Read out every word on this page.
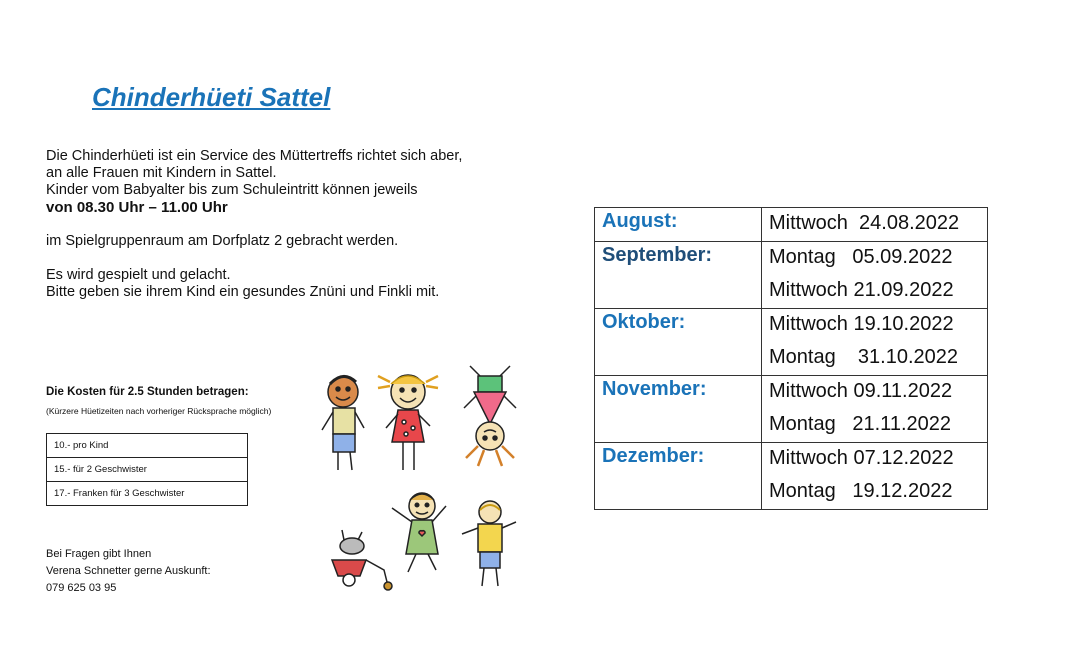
Chinderhüeti Sattel

Die Chinderhüeti ist ein Service des Müttertreffs richtet sich aber,

an alle Frauen mit Kindern in Sattel.

Kinder vom Babyalter bis zum Schuleintritt können jeweils

von 08.30 Uhr – 11.00 Uhr

im Spielgruppenraum am Dorfplatz 2 gebracht werden.

Es wird gespielt und gelacht.

Bitte geben sie ihrem Kind ein gesundes Znüni und Finkli mit.

Die Kosten für 2.5 Stunden betragen:
(Kürzere Hüetizeiten nach vorheriger Rücksprache möglich)
10.- pro Kind
15.- für 2 Geschwister
17.- Franken für 3 Geschwister

Bei Fragen gibt Ihnen

Verena Schnetter gerne Auskunft:

079 625 03 95

August:	Mittwoch  24.08.2022

September:	Montag   05.09.2022
Mittwoch 21.09.2022

Oktober:	Mittwoch 19.10.2022
Montag    31.10.2022

November:	Mittwoch 09.11.2022
Montag   21.11.2022

Dezember:	Mittwoch 07.12.2022
Montag   19.12.2022
